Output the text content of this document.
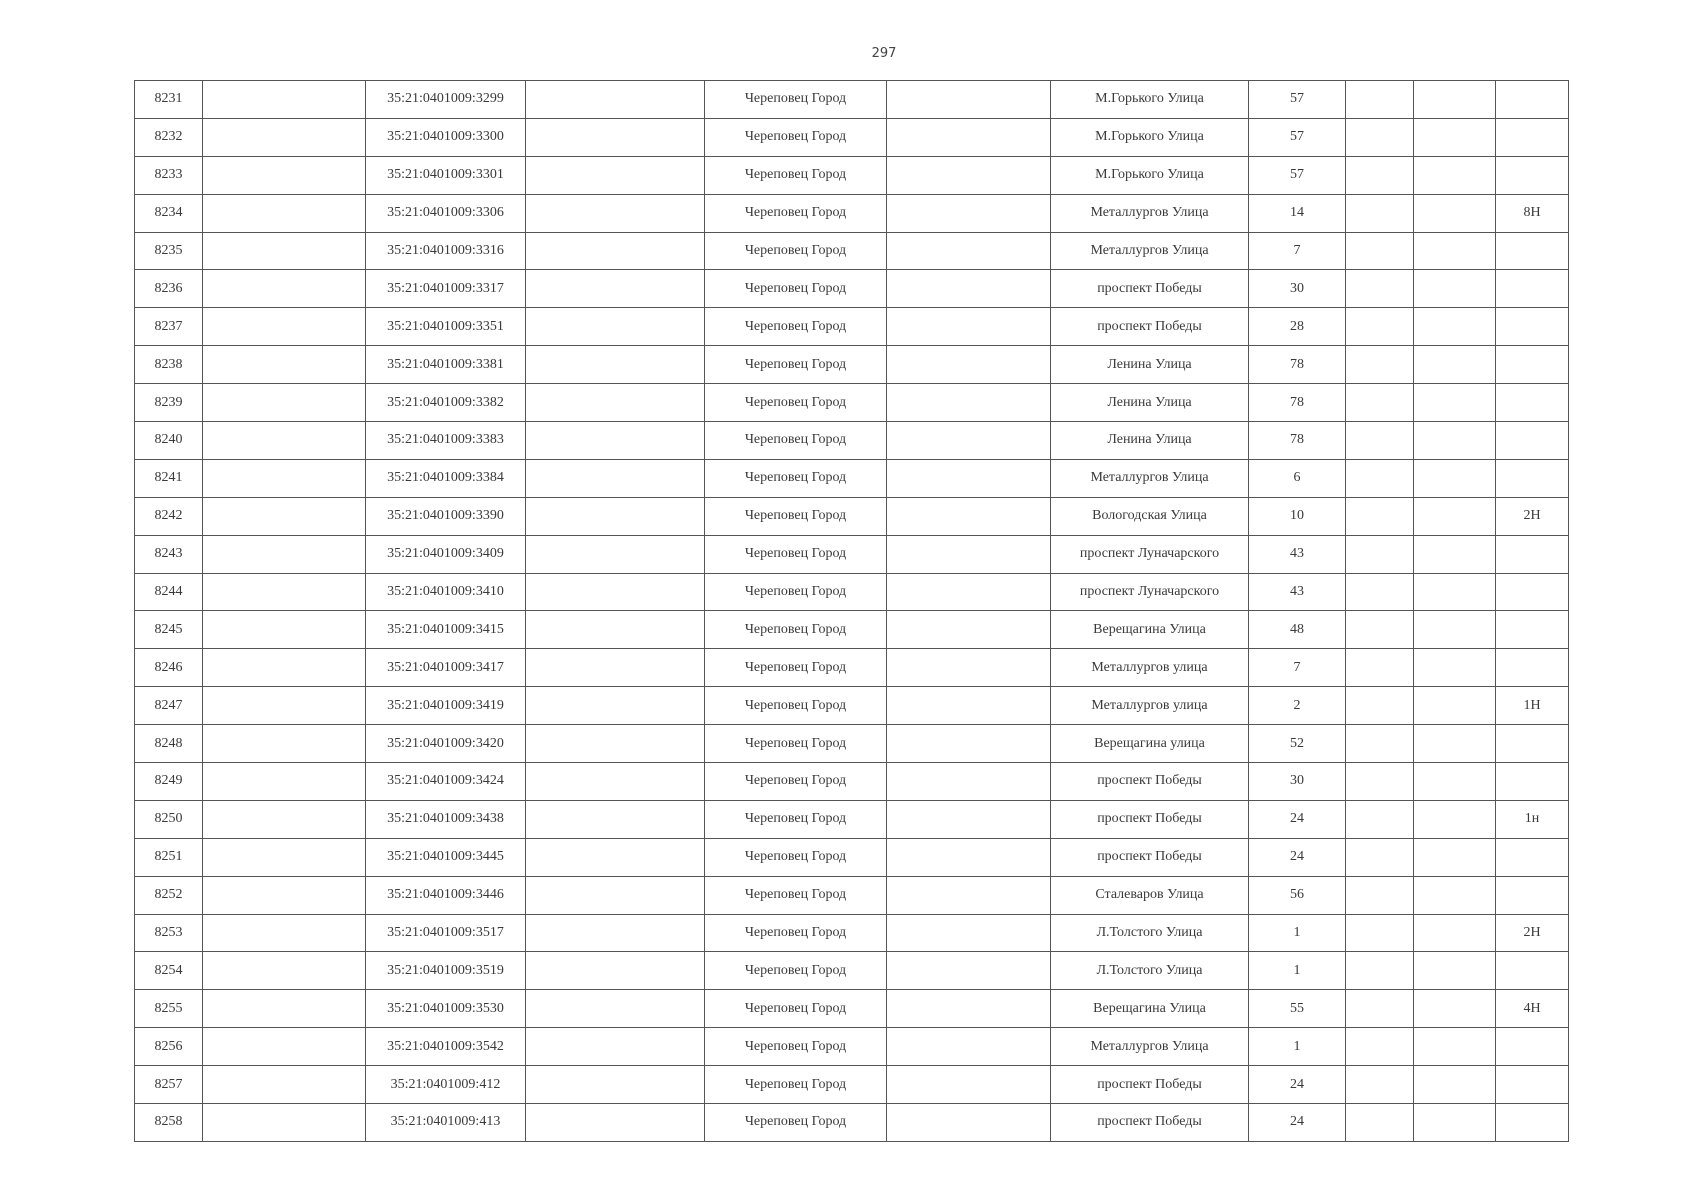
297
8231		35:21:0401009:3299		Череповец Город		М.Горького Улица	57			
8232		35:21:0401009:3300		Череповец Город		М.Горького Улица	57			
8233		35:21:0401009:3301		Череповец Город		М.Горького Улица	57			
8234		35:21:0401009:3306		Череповец Город		Металлургов Улица	14			8Н
8235		35:21:0401009:3316		Череповец Город		Металлургов Улица	7			
8236		35:21:0401009:3317		Череповец Город		проспект Победы	30			
8237		35:21:0401009:3351		Череповец Город		проспект Победы	28			
8238		35:21:0401009:3381		Череповец Город		Ленина Улица	78			
8239		35:21:0401009:3382		Череповец Город		Ленина Улица	78			
8240		35:21:0401009:3383		Череповец Город		Ленина Улица	78			
8241		35:21:0401009:3384		Череповец Город		Металлургов Улица	6			
8242		35:21:0401009:3390		Череповец Город		Вологодская Улица	10			2Н
8243		35:21:0401009:3409		Череповец Город		проспект Луначарского	43			
8244		35:21:0401009:3410		Череповец Город		проспект Луначарского	43			
8245		35:21:0401009:3415		Череповец Город		Верещагина Улица	48			
8246		35:21:0401009:3417		Череповец Город		Металлургов улица	7			
8247		35:21:0401009:3419		Череповец Город		Металлургов улица	2			1Н
8248		35:21:0401009:3420		Череповец Город		Верещагина улица	52			
8249		35:21:0401009:3424		Череповец Город		проспект Победы	30			
8250		35:21:0401009:3438		Череповец Город		проспект Победы	24			1н
8251		35:21:0401009:3445		Череповец Город		проспект Победы	24			
8252		35:21:0401009:3446		Череповец Город		Сталеваров Улица	56			
8253		35:21:0401009:3517		Череповец Город		Л.Толстого Улица	1			2Н
8254		35:21:0401009:3519		Череповец Город		Л.Толстого Улица	1			
8255		35:21:0401009:3530		Череповец Город		Верещагина Улица	55			4Н
8256		35:21:0401009:3542		Череповец Город		Металлургов Улица	1			
8257		35:21:0401009:412		Череповец Город		проспект Победы	24			
8258		35:21:0401009:413		Череповец Город		проспект Победы	24			
